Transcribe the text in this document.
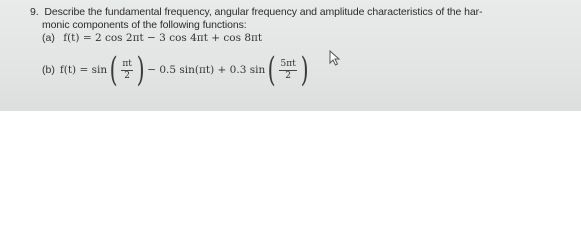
9. Describe the fundamental frequency, angular frequency and amplitude characteristics of the har-
monic components of the following functions:
(a) f(t) = 2 cos 2πt − 3 cos 4πt + cos 8πt
(b) f(t) = sin ( $\frac{\pi t}{2}$ ) − 0.5 sin(πt) + 0.3 sin ( $\frac{5\pi t}{2}$ )
